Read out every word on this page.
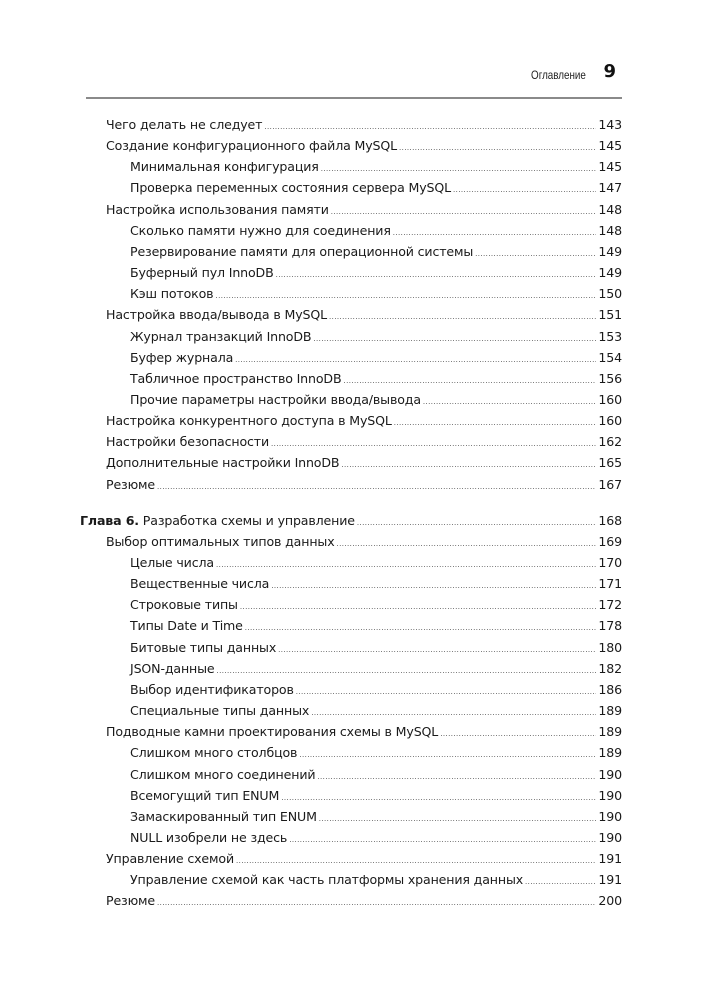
Оглавление 9
Чего делать не следует .....	143
Создание конфигурационного файла MySQL .....	145
Минимальная конфигурация .....	145
Проверка переменных состояния сервера MySQL .....	147
Настройка использования памяти .....	148
Сколько памяти нужно для соединения .....	148
Резервирование памяти для операционной системы .....	149
Буферный пул InnoDB .....	149
Кэш потоков .....	150
Настройка ввода/вывода в MySQL .....	151
Журнал транзакций InnoDB .....	153
Буфер журнала .....	154
Табличное пространство InnoDB .....	156
Прочие параметры настройки ввода/вывода .....	160
Настройка конкурентного доступа в MySQL .....	160
Настройки безопасности .....	162
Дополнительные настройки InnoDB .....	165
Резюме .....	167
Глава 6. Разработка схемы и управление .....	168
Выбор оптимальных типов данных .....	169
Целые числа .....	170
Вещественные числа .....	171
Строковые типы .....	172
Типы Date и Time .....	178
Битовые типы данных .....	180
JSON-данные .....	182
Выбор идентификаторов .....	186
Специальные типы данных .....	189
Подводные камни проектирования схемы в MySQL .....	189
Слишком много столбцов .....	189
Слишком много соединений .....	190
Всемогущий тип ENUM .....	190
Замаскированный тип ENUM .....	190
NULL изобрели не здесь .....	190
Управление схемой .....	191
Управление схемой как часть платформы хранения данных .....	191
Резюме .....	200
